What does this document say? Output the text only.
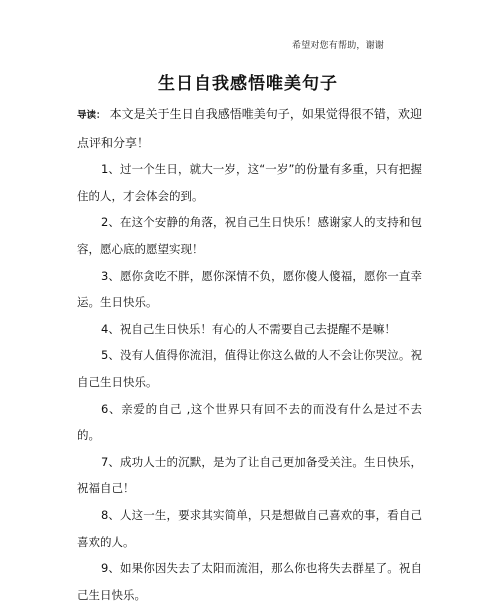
希望对您有帮助，谢谢
生日自我感悟唯美句子

导读： 本文是关于生日自我感悟唯美句子，如果觉得很不错，欢迎点评和分享！

1、过一个生日，就大一岁，这“一岁”的份量有多重，只有把握住的人，才会体会的到。

2、在这个安静的角落，祝自己生日快乐！感谢家人的支持和包容，愿心底的愿望实现！

3、愿你贪吃不胖，愿你深情不负，愿你傻人傻福，愿你一直幸运。生日快乐。

4、祝自己生日快乐！有心的人不需要自己去提醒不是嘛！

5、没有人值得你流泪，值得让你这么做的人不会让你哭泣。祝自己生日快乐。

6、亲爱的自己 ,这个世界只有回不去的而没有什么是过不去的。

7、成功人士的沉默，是为了让自己更加备受关注。生日快乐，祝福自己！

8、人这一生，要求其实简单，只是想做自己喜欢的事，看自己喜欢的人。

9、如果你因失去了太阳而流泪，那么你也将失去群星了。祝自己生日快乐。
